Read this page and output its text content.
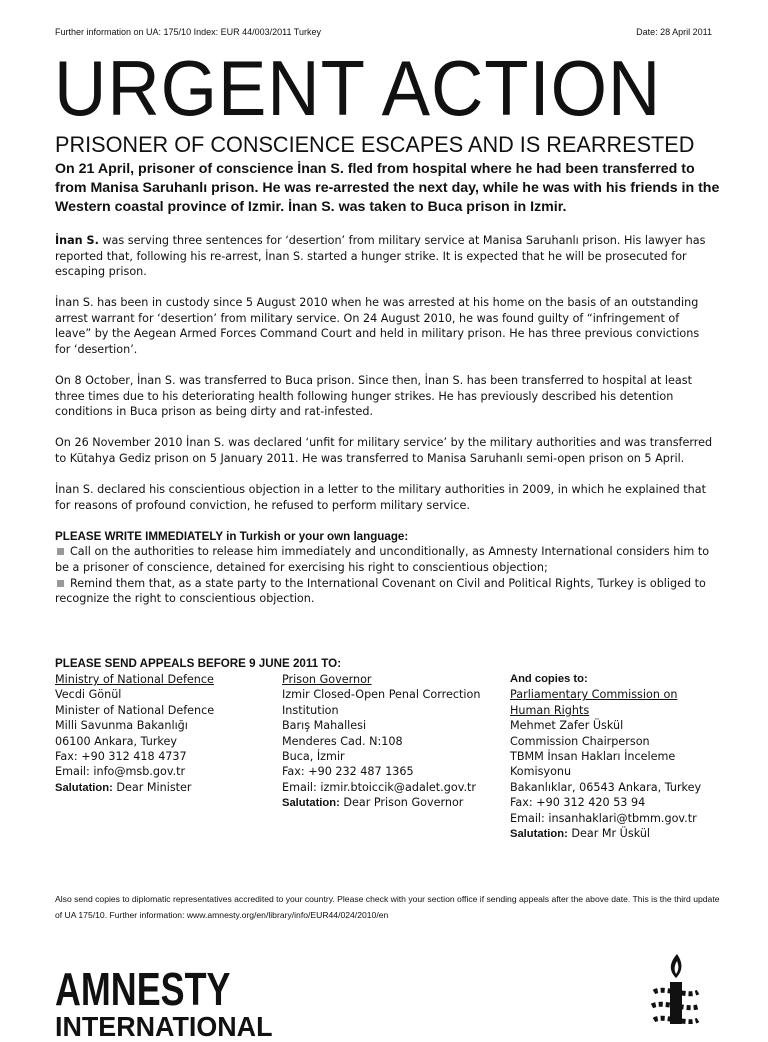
Further information on UA: 175/10 Index: EUR 44/003/2011 Turkey	Date: 28 April 2011
URGENT ACTION
PRISONER OF CONSCIENCE ESCAPES AND IS REARRESTED
On 21 April, prisoner of conscience İnan S. fled from hospital where he had been transferred to from Manisa Saruhanlı prison. He was re-arrested the next day, while he was with his friends in the Western coastal province of Izmir. İnan S. was taken to Buca prison in Izmir.

İnan S. was serving three sentences for ‘desertion’ from military service at Manisa Saruhanlı prison. His lawyer has reported that, following his re-arrest, İnan S. started a hunger strike. It is expected that he will be prosecuted for escaping prison.

İnan S. has been in custody since 5 August 2010 when he was arrested at his home on the basis of an outstanding arrest warrant for ‘desertion’ from military service. On 24 August 2010, he was found guilty of “infringement of leave” by the Aegean Armed Forces Command Court and held in military prison. He has three previous convictions for ‘desertion’.

On 8 October, İnan S. was transferred to Buca prison. Since then, İnan S. has been transferred to hospital at least three times due to his deteriorating health following hunger strikes. He has previously described his detention conditions in Buca prison as being dirty and rat-infested.

On 26 November 2010 İnan S. was declared ‘unfit for military service’ by the military authorities and was transferred to Kütahya Gediz prison on 5 January 2011. He was transferred to Manisa Saruhanlı semi-open prison on 5 April.

İnan S. declared his conscientious objection in a letter to the military authorities in 2009, in which he explained that for reasons of profound conviction, he refused to perform military service.

PLEASE WRITE IMMEDIATELY in Turkish or your own language:

Call on the authorities to release him immediately and unconditionally, as Amnesty International considers him to be a prisoner of conscience, detained for exercising his right to conscientious objection;

Remind them that, as a state party to the International Covenant on Civil and Political Rights, Turkey is obliged to recognize the right to conscientious objection.

PLEASE SEND APPEALS BEFORE 9 JUNE 2011 TO:
Ministry of National Defence
Vecdi Gönül
Minister of National Defence
Milli Savunma Bakanlığı
06100 Ankara, Turkey
Fax: +90 312 418 4737
Email: info@msb.gov.tr
Salutation: Dear Minister
Prison Governor
Izmir Closed-Open Penal Correction
Institution
Barış Mahallesi
Menderes Cad. N:108
Buca, İzmir
Fax: +90 232 487 1365
Email: izmir.btoiccik@adalet.gov.tr
Salutation: Dear Prison Governor
And copies to:
Parliamentary Commission on
Human Rights
Mehmet Zafer Üskül
Commission Chairperson
TBMM İnsan Hakları İnceleme
Komisyonu
Bakanlıklar, 06543 Ankara, Turkey
Fax: +90 312 420 53 94
Email: insanhaklari@tbmm.gov.tr
Salutation: Dear Mr Üskül
Also send copies to diplomatic representatives accredited to your country. Please check with your section office if sending appeals after the above date. This is the third update of UA 175/10. Further information: www.amnesty.org/en/library/info/EUR44/024/2010/en
AMNESTY
INTERNATIONAL
